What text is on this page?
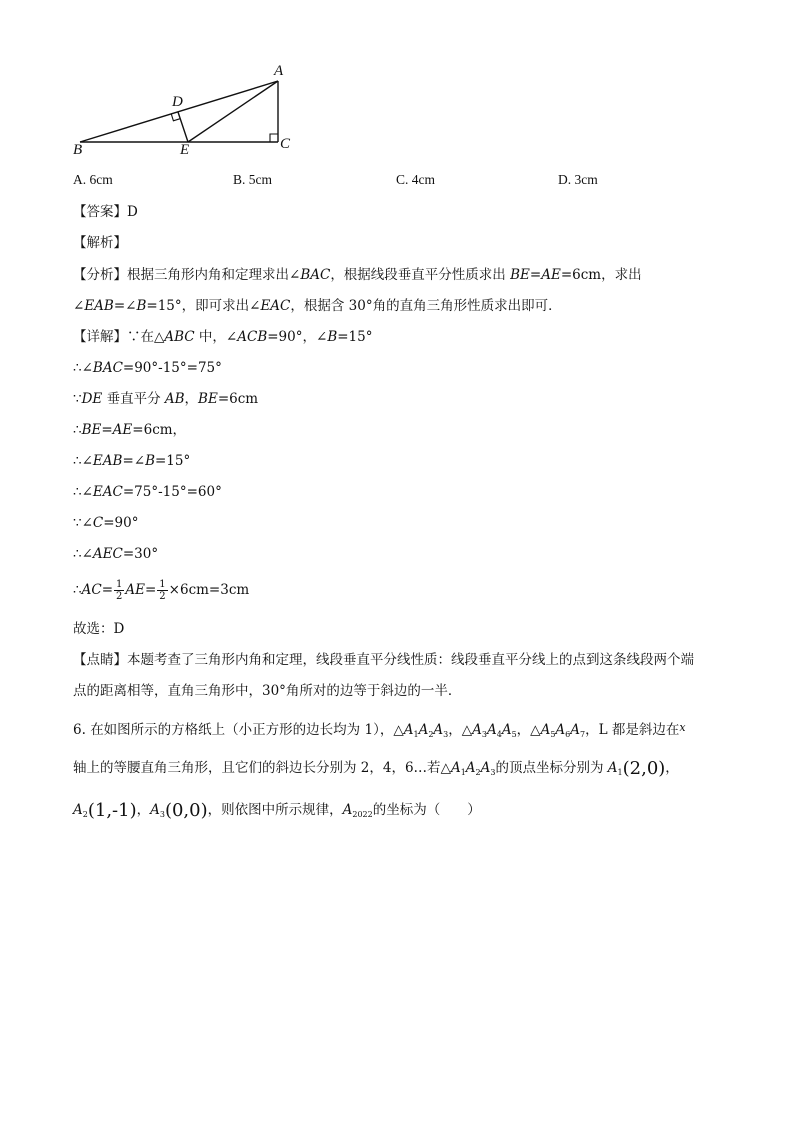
A
D
B	E	C
A. 6cm	B. 5cm	C. 4cm	D. 3cm
【答案】D
【解析】
【分析】根据三角形内角和定理求出∠BAC，根据线段垂直平分性质求出 BE=AE=6cm，求出
∠EAB=∠B=15°，即可求出∠EAC，根据含 30°角的直角三角形性质求出即可．
【详解】∵在△ABC 中，∠ACB=90°，∠B=15°
∴∠BAC=90°-15°=75°
∵DE 垂直平分 AB，BE=6cm
∴BE=AE=6cm，
∴∠EAB=∠B=15°
∴∠EAC=75°-15°=60°
∵∠C=90°
∴∠AEC=30°
∴AC= $\frac{1}{2} AE= \frac{1}{2} \times 6cm=3cm$
故选：D
【点睛】本题考查了三角形内角和定理，线段垂直平分线性质：线段垂直平分线上的点到这条线段两个端
点的距离相等，直角三角形中，30°角所对的边等于斜边的一半．
6. 在如图所示的方格纸上（小正方形的边长均为 1），$\triangle A_1A_2A_3$，$\triangle A_3A_4A_5$，$\triangle A_5A_6A_7$，L 都是斜边在$^x$
轴上的等腰直角三角形，且它们的斜边长分别为 2，4，6…若$\triangle A_1A_2A_3$的顶点坐标分别为 $A_1(2,0)$，
$A_2(1,-1)$，$A_3(0,0)$，则依图中所示规律，$A_{2022}$的坐标为（　　）
